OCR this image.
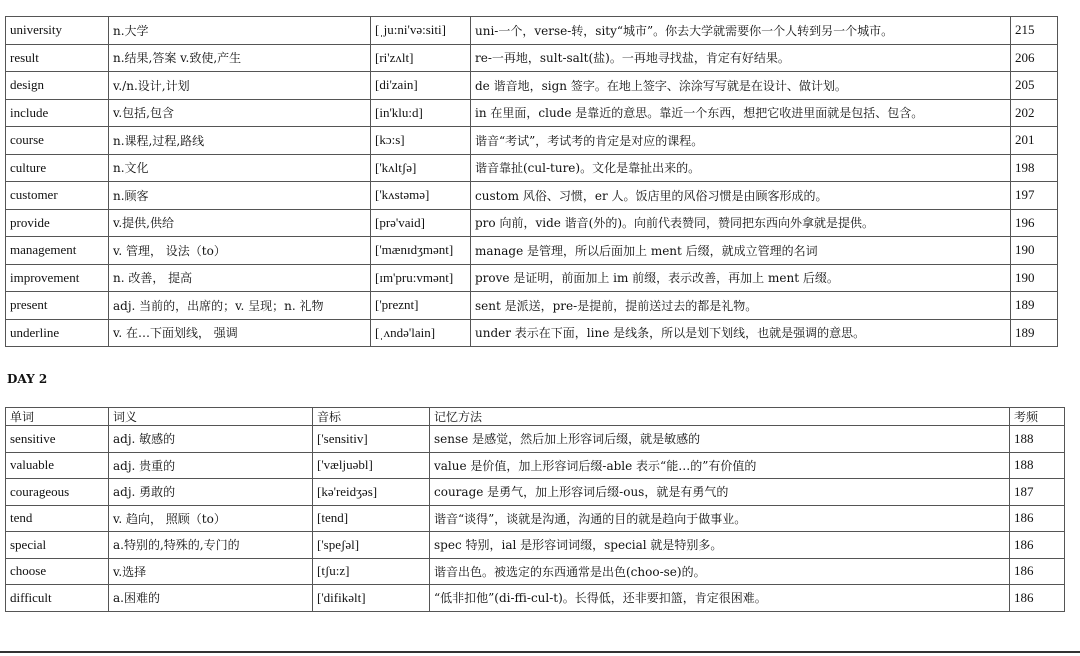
university	n.大学	[ˌju:ni'və:siti]	uni-一个，verse-转，sity“城市”。你去大学就需要你一个人转到另一个城市。	215
result	n.结果,答案 v.致使,产生	[ri'zʌlt]	re-一再地，sult-salt(盐)。一再地寻找盐，肯定有好结果。	206
design	v./n.设计,计划	[di'zain]	de 谐音地，sign 签字。在地上签字、涂涂写写就是在设计、做计划。	205
include	v.包括,包含	[in'klu:d]	in 在里面，clude 是靠近的意思。靠近一个东西，想把它收进里面就是包括、包含。	202
course	n.课程,过程,路线	[kɔ:s]	谐音“考试”，考试考的肯定是对应的课程。	201
culture	n.文化	['kʌltʃə]	谐音靠扯(cul-ture)。文化是靠扯出来的。	198
customer	n.顾客	['kʌstəmə]	custom 风俗、习惯，er 人。饭店里的风俗习惯是由顾客形成的。	197
provide	v.提供,供给	[prə'vaid]	pro 向前，vide 谐音(外的)。向前代表赞同，赞同把东西向外拿就是提供。	196
management	v. 管理， 设法（to）	['mænɪdʒmənt]	manage 是管理，所以后面加上 ment 后缀，就成立管理的名词	190
improvement	n. 改善， 提高	[ɪm'pru:vmənt]	prove 是证明，前面加上 im 前缀，表示改善，再加上 ment 后缀。	190
present	adj. 当前的，出席的；v. 呈现；n. 礼物	['preznt]	sent 是派送，pre-是提前，提前送过去的都是礼物。	189
underline	v. 在…下面划线， 强调	[ˌʌndə'lain]	under 表示在下面，line 是线条，所以是划下划线，也就是强调的意思。	189
DAY 2
单词	词义	音标	记忆方法	考频
sensitive	adj. 敏感的	['sensitiv]	sense 是感觉，然后加上形容词后缀，就是敏感的	188
valuable	adj. 贵重的	['væljuəbl]	value 是价值，加上形容词后缀-able 表示“能…的”有价值的	188
courageous	adj. 勇敢的	[kə'reidʒəs]	courage 是勇气，加上形容词后缀-ous，就是有勇气的	187
tend	v. 趋向， 照顾（to）	[tend]	谐音“谈得”，谈就是沟通，沟通的目的就是趋向于做事业。	186
special	a.特别的,特殊的,专门的	['speʃəl]	spec 特别，ial 是形容词词缀，special 就是特别多。	186
choose	v.选择	[tʃu:z]	谐音出色。被选定的东西通常是出色(choo-se)的。	186
difficult	a.困难的	['difikəlt]	“低非扣他”(di-ffi-cul-t)。长得低，还非要扣篮，肯定很困难。	186
